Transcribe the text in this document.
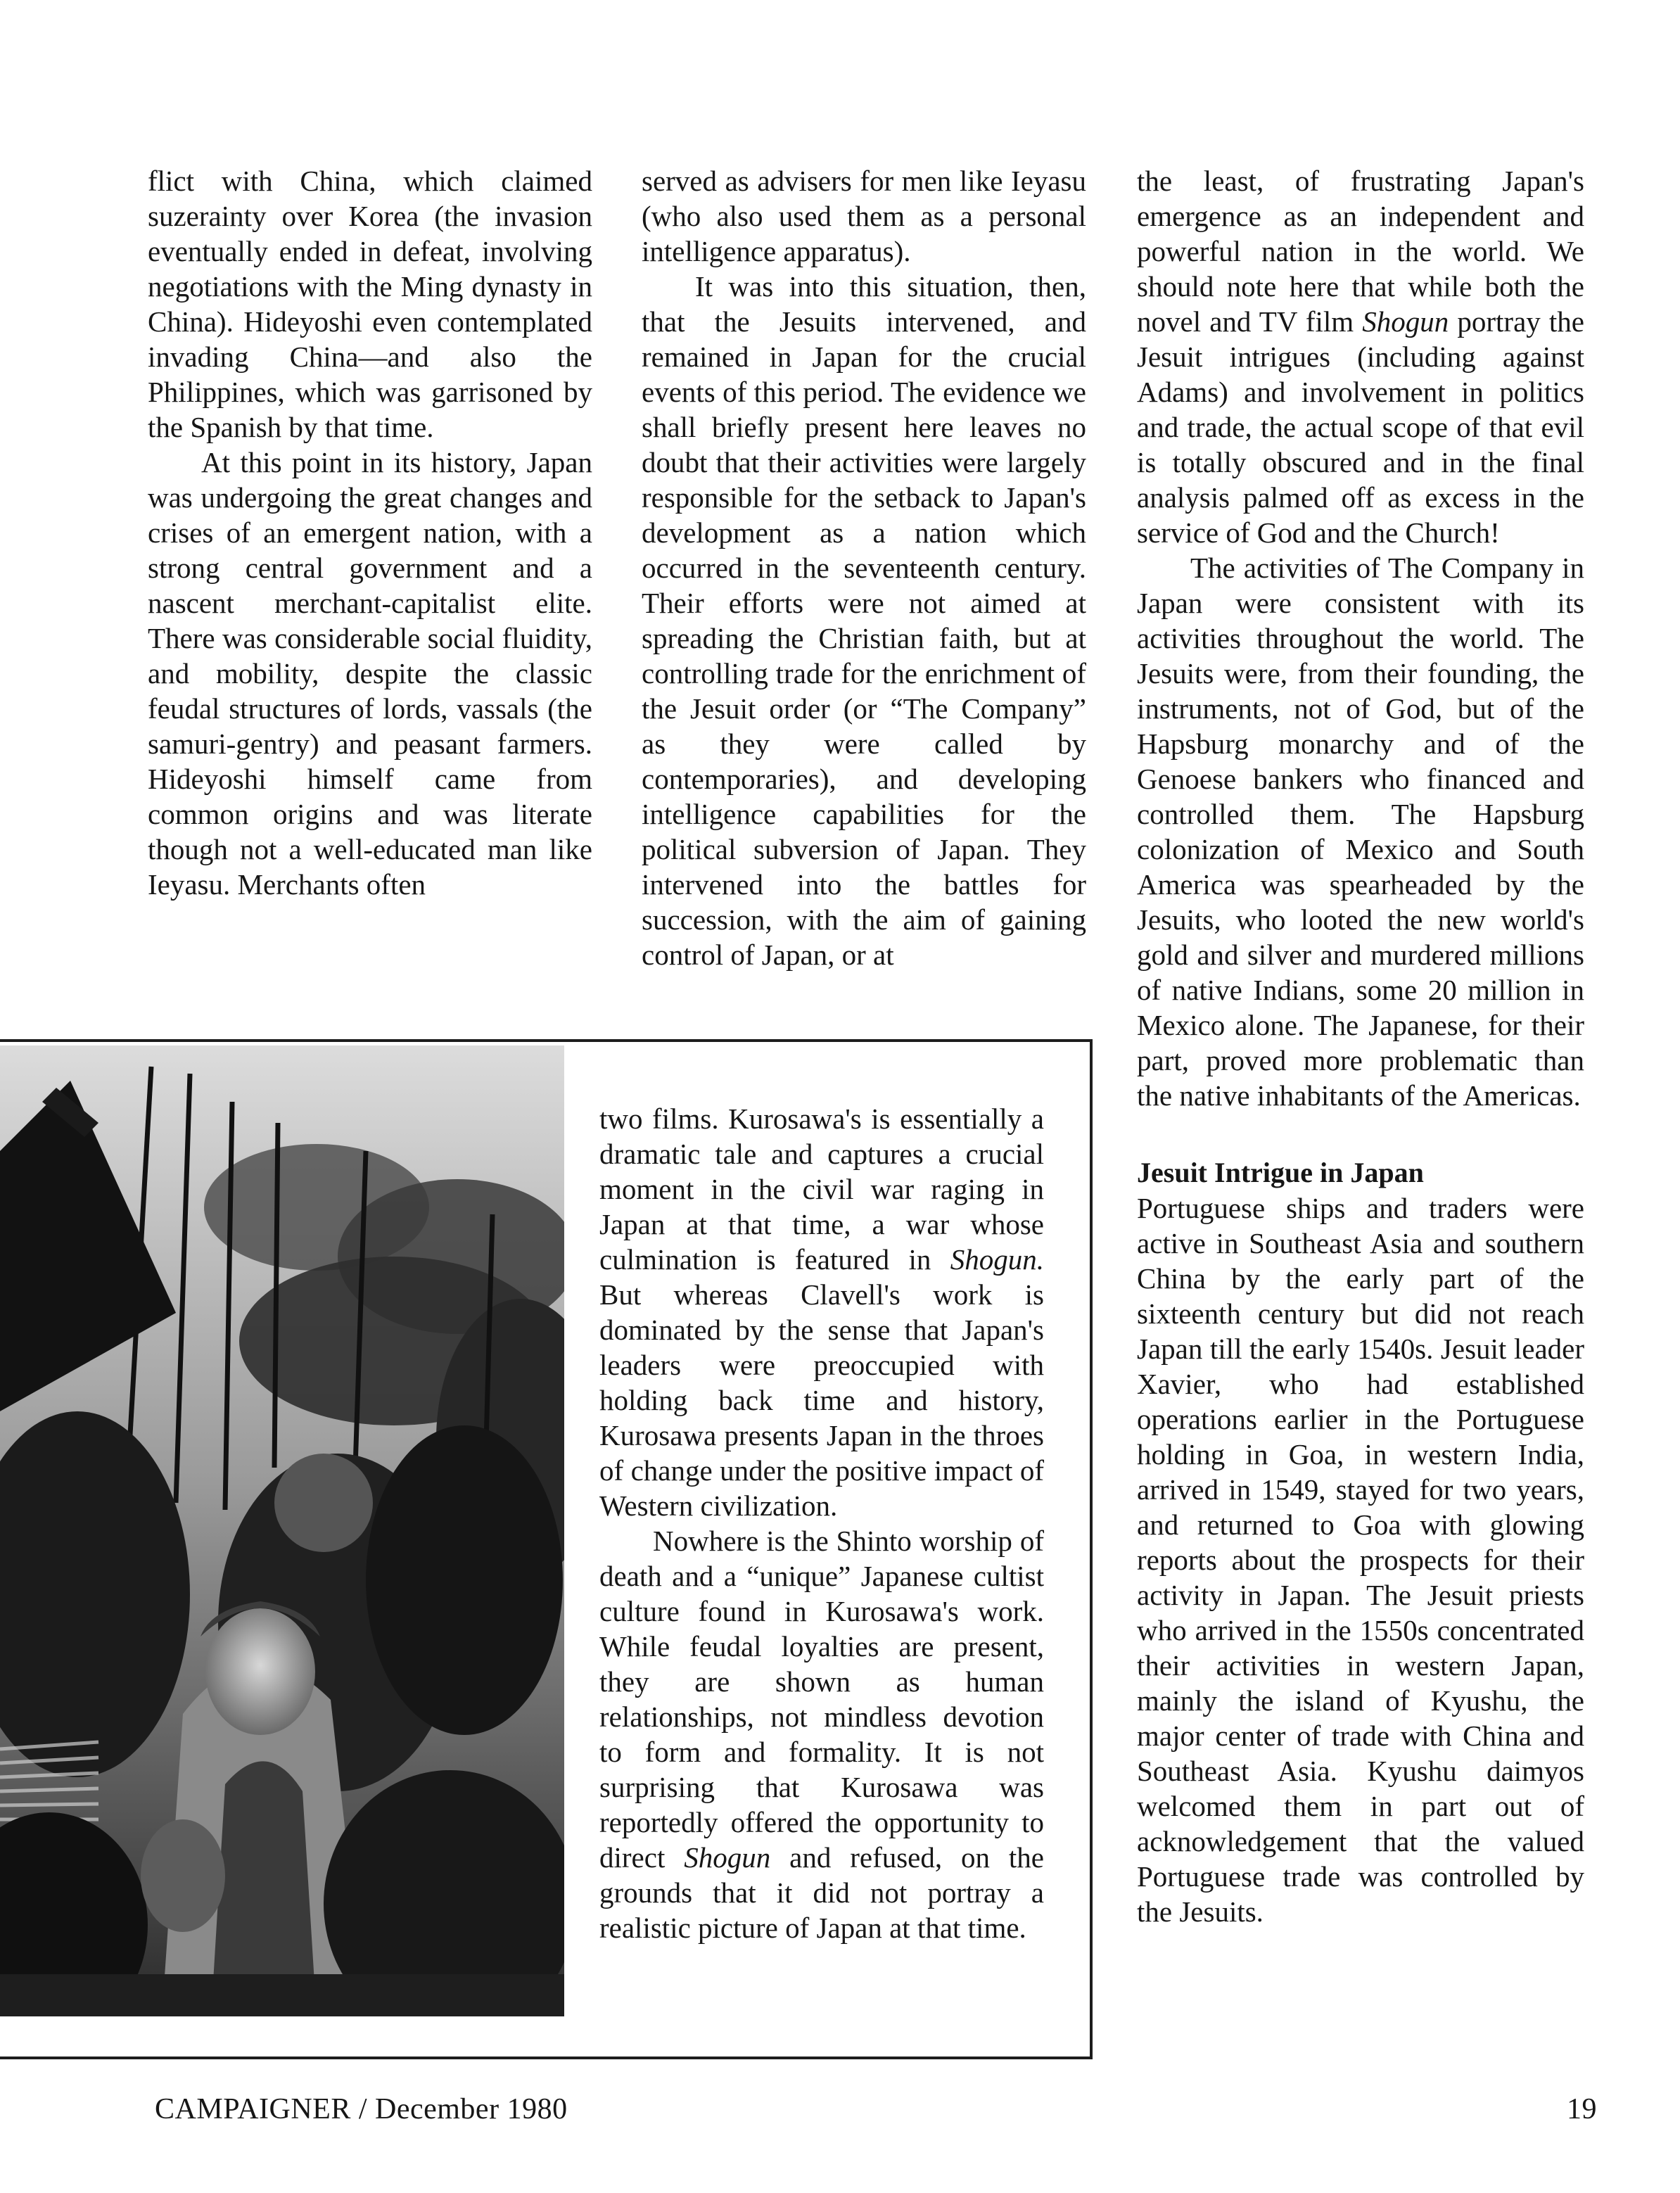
flict with China, which claimed suzerainty over Korea (the invasion eventually ended in defeat, involving negotiations with the Ming dynasty in China). Hideyoshi even contemplated invading China—and also the Philippines, which was garrisoned by the Spanish by that time.

At this point in its history, Japan was undergoing the great changes and crises of an emergent nation, with a strong central government and a nascent merchant-capitalist elite. There was considerable social fluidity, and mobility, despite the classic feudal structures of lords, vassals (the samuri-gentry) and peasant farmers. Hideyoshi himself came from common origins and was literate though not a well-educated man like Ieyasu. Merchants often

served as advisers for men like Ieyasu (who also used them as a personal intelligence apparatus).

It was into this situation, then, that the Jesuits intervened, and remained in Japan for the crucial events of this period. The evidence we shall briefly present here leaves no doubt that their activities were largely responsible for the setback to Japan's development as a nation which occurred in the seventeenth century. Their efforts were not aimed at spreading the Christian faith, but at controlling trade for the enrichment of the Jesuit order (or “The Company” as they were called by contemporaries), and developing intelligence capabilities for the political subversion of Japan. They intervened into the battles for succession, with the aim of gaining control of Japan, or at

the least, of frustrating Japan's emergence as an independent and powerful nation in the world. We should note here that while both the novel and TV film Shogun portray the Jesuit intrigues (including against Adams) and involvement in politics and trade, the actual scope of that evil is totally obscured and in the final analysis palmed off as excess in the service of God and the Church!

The activities of The Company in Japan were consistent with its activities throughout the world. The Jesuits were, from their founding, the instruments, not of God, but of the Hapsburg monarchy and of the Genoese bankers who financed and controlled them. The Hapsburg colonization of Mexico and South America was spearheaded by the Jesuits, who looted the new world's gold and silver and murdered millions of native Indians, some 20 million in Mexico alone. The Japanese, for their part, proved more problematic than the native inhabitants of the Americas.

Jesuit Intrigue in Japan

Portuguese ships and traders were active in Southeast Asia and southern China by the early part of the sixteenth century but did not reach Japan till the early 1540s. Jesuit leader Xavier, who had established operations earlier in the Portuguese holding in Goa, in western India, arrived in 1549, stayed for two years, and returned to Goa with glowing reports about the prospects for their activity in Japan. The Jesuit priests who arrived in the 1550s concentrated their activities in western Japan, mainly the island of Kyushu, the major center of trade with China and Southeast Asia. Kyushu daimyos welcomed them in part out of acknowledgement that the valued Portuguese trade was controlled by the Jesuits.

two films. Kurosawa's is essentially a dramatic tale and captures a crucial moment in the civil war raging in Japan at that time, a war whose culmination is featured in Shogun. But whereas Clavell's work is dominated by the sense that Japan's leaders were preoccupied with holding back time and history, Kurosawa presents Japan in the throes of change under the positive impact of Western civilization.

Nowhere is the Shinto worship of death and a “unique” Japanese cultist culture found in Kurosawa's work. While feudal loyalties are present, they are shown as human relationships, not mindless devotion to form and formality. It is not surprising that Kurosawa was reportedly offered the opportunity to direct Shogun and refused, on the grounds that it did not portray a realistic picture of Japan at that time.

CAMPAIGNER / December 1980	19
